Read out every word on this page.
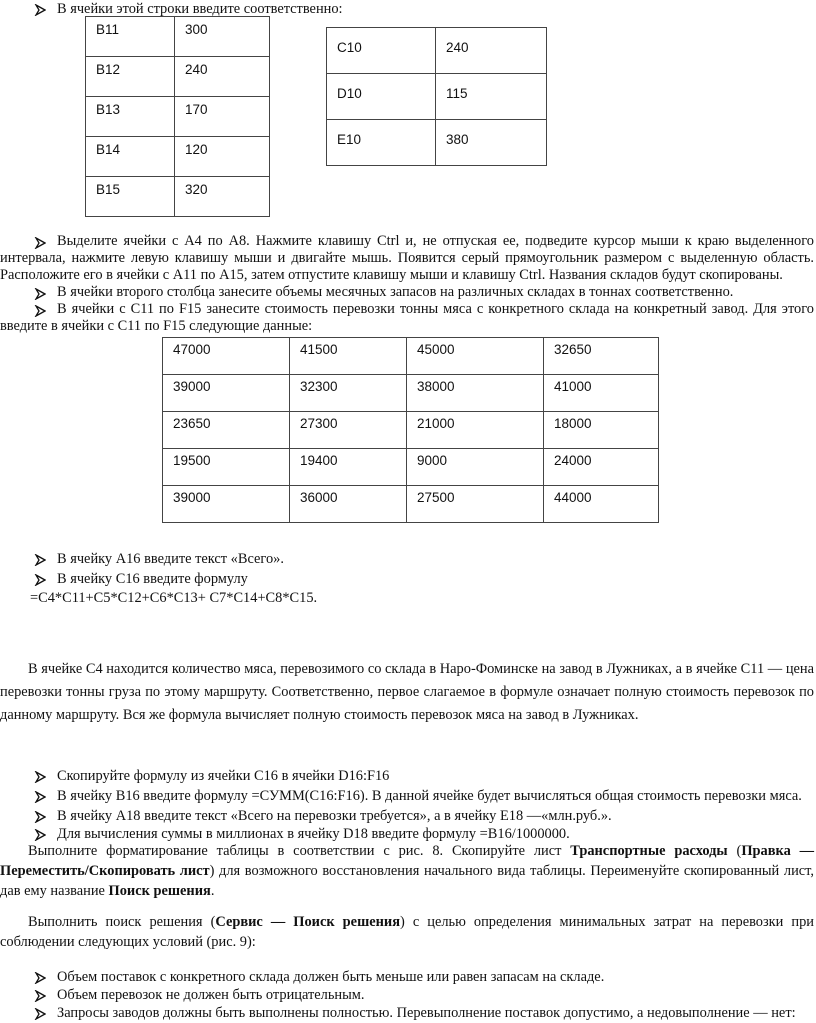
В ячейки этой строки введите соответственно:
В11	300
В12	240
В13	170
В14	120
В15	320
C10	240
D10	115
E10	380
Выделите ячейки с А4 по А8. Нажмите клавишу Ctrl и, не отпуская ее, подведите курсор мыши к краю выделенного интервала, нажмите левую клавишу мыши и двигайте мышь. Появится серый прямоугольник размером с выделенную область. Расположите его в ячейки с А11 по А15, затем отпустите клавишу мыши и клавишу Ctrl. Названия складов будут скопированы.
В ячейки второго столбца занесите объемы месячных запасов на различных складах в тоннах соответственно.
В ячейки с С11 по F15 занесите стоимость перевозки тонны мяса с конкретного склада на конкретный завод. Для этого введите в ячейки с С11 по F15 следующие данные:
47000	41500	45000	32650
39000	32300	38000	41000
23650	27300	21000	18000
19500	19400	9000	24000
39000	36000	27500	44000
В ячейку А16 введите текст «Всего».
В ячейку С16 введите формулу
=C4*C11+C5*C12+C6*C13+ C7*C14+C8*C15.
В ячейке С4 находится количество мяса, перевозимого со склада в Наро-Фоминске на завод в Лужниках, а в ячейке С11 — цена перевозки тонны груза по этому маршруту. Соответственно, первое слагаемое в формуле означает полную стоимость перевозок по данному маршруту. Вся же формула вычисляет полную стоимость перевозок мяса на завод в Лужниках.
Скопируйте формулу из ячейки С16 в ячейки D16:F16
В ячейку В16 введите формулу =СУММ(С16:F16). В данной ячейке будет вычисляться общая стоимость перевозки мяса.
В ячейку А18 введите текст «Всего на перевозки требуется», а в ячейку E18 —«млн.руб.».
Для вычисления суммы в миллионах в ячейку D18 введите формулу =B16/1000000.
Выполните форматирование таблицы в соответствии с рис. 8. Скопируйте лист Транспортные расходы (Правка — Переместить/Скопировать лист) для возможного восстановления начального вида таблицы. Переименуйте скопированный лист, дав ему название Поиск решения.
Выполнить поиск решения (Сервис — Поиск решения) с целью определения минимальных затрат на перевозки при соблюдении следующих условий (рис. 9):
Объем поставок с конкретного склада должен быть меньше или равен запасам на складе.
Объем перевозок не должен быть отрицательным.
Запросы заводов должны быть выполнены полностью. Перевыполнение поставок допустимо, а недовыполнение — нет:
